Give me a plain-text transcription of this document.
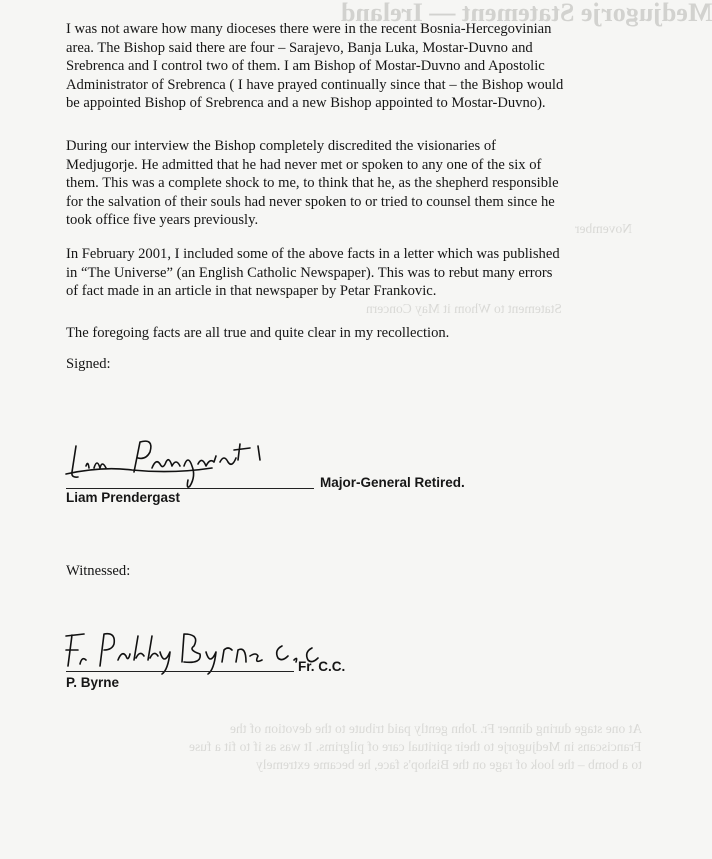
Medjugorje Statement — Ireland
November
Statement to Whom it May Concern

I was not aware how many dioceses there were in the recent Bosnia-Hercegovinian

area. The Bishop said there are four – Sarajevo, Banja Luka, Mostar-Duvno and

Srebrenca and I control two of them. I am Bishop of Mostar-Duvno and Apostolic

Administrator of Srebrenca ( I have prayed continually since that – the Bishop would

be appointed Bishop of Srebrenca and a new Bishop appointed to Mostar-Duvno).

During our interview the Bishop completely discredited the visionaries of

Medjugorje. He admitted that he had never met or spoken to any one of the six of

them. This was a complete shock to me, to think that he, as the shepherd responsible

for the salvation of their souls had never spoken to or tried to counsel them since he

took office five years previously.

In February 2001, I included some of the above facts in a letter which was published

in “The Universe” (an English Catholic Newspaper). This was to rebut many errors

of fact made in an article in that newspaper by Petar Frankovic.

The foregoing facts are all true and quite clear in my recollection.

Signed:
Major-General Retired.
Liam Prendergast
Witnessed:
Fr. C.C.
P. Byrne
At one stage during dinner Fr. John gently paid tribute to the devotion of the
Franciscans in Medjugorje to their spiritual care of pilgrims. It was as if to fit a fuse
to a bomb – the look of rage on the Bishop's face, he became extremely
